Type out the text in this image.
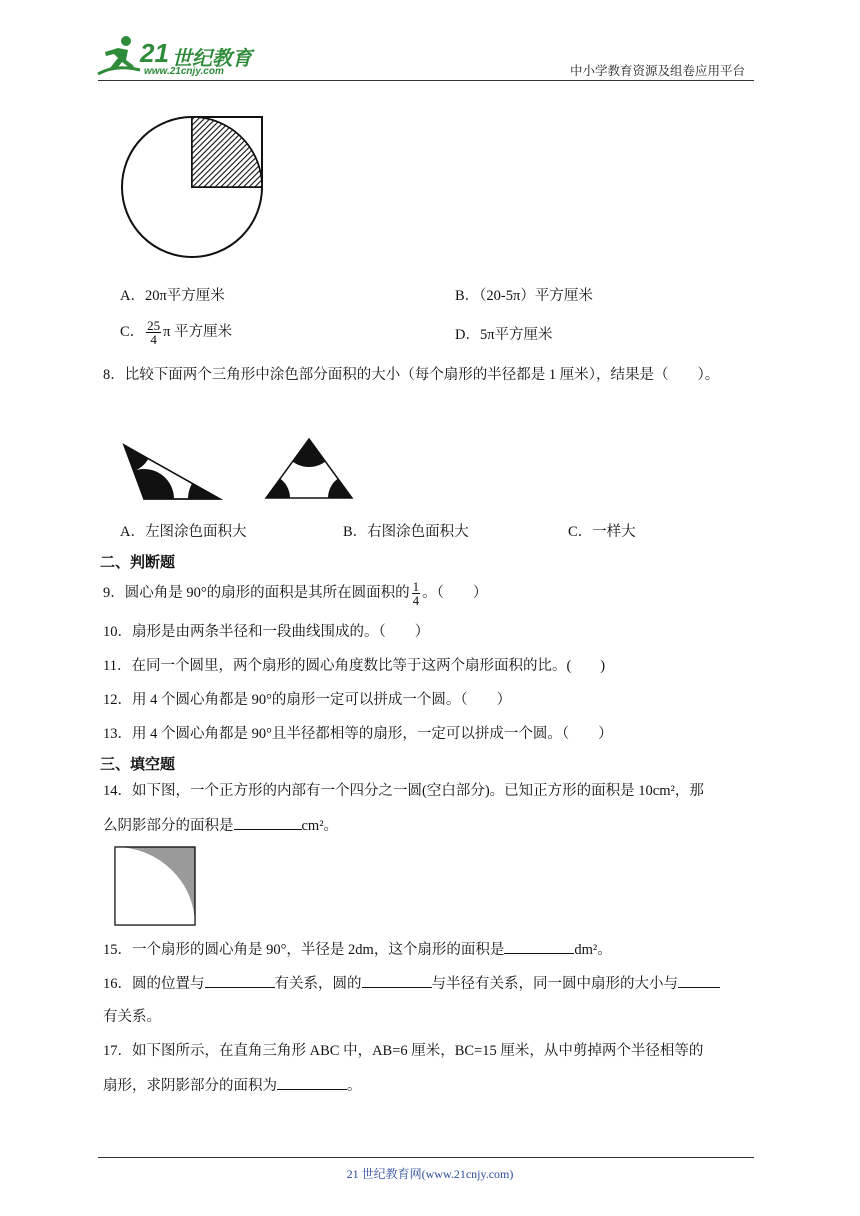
21 世纪教育
www.21cnjy.com	中小学教育资源及组卷应用平台
A．20π平方厘米	B．（20-5π）平方厘米
C． $\frac{25}{4}$ π 平方厘米	D．5π平方厘米
8．比较下面两个三角形中涂色部分面积的大小（每个扇形的半径都是 1 厘米），结果是（　　）。
A．左图涂色面积大	B．右图涂色面积大	C．一样大
二、判断题
9．圆心角是 90°的扇形的面积是其所在圆面积的 $\frac{1}{4}$ 。（　　）
10．扇形是由两条半径和一段曲线围成的。（　　）
11．在同一个圆里，两个扇形的圆心角度数比等于这两个扇形面积的比。(　　)
12．用 4 个圆心角都是 90°的扇形一定可以拼成一个圆。（　　）
13．用 4 个圆心角都是 90°且半径都相等的扇形，一定可以拼成一个圆。（　　）
三、填空题
14．如下图，一个正方形的内部有一个四分之一圆(空白部分)。已知正方形的面积是 10cm²，那
么阴影部分的面积是	cm²。
15．一个扇形的圆心角是 90°，半径是 2dm，这个扇形的面积是	dm²。
16．圆的位置与	有关系，圆的	与半径有关系，同一圆中扇形的大小与
有关系。
17．如下图所示，在直角三角形 ABC 中，AB=6 厘米，BC=15 厘米，从中剪掉两个半径相等的
扇形，求阴影部分的面积为	。
21 世纪教育网(www.21cnjy.com)
